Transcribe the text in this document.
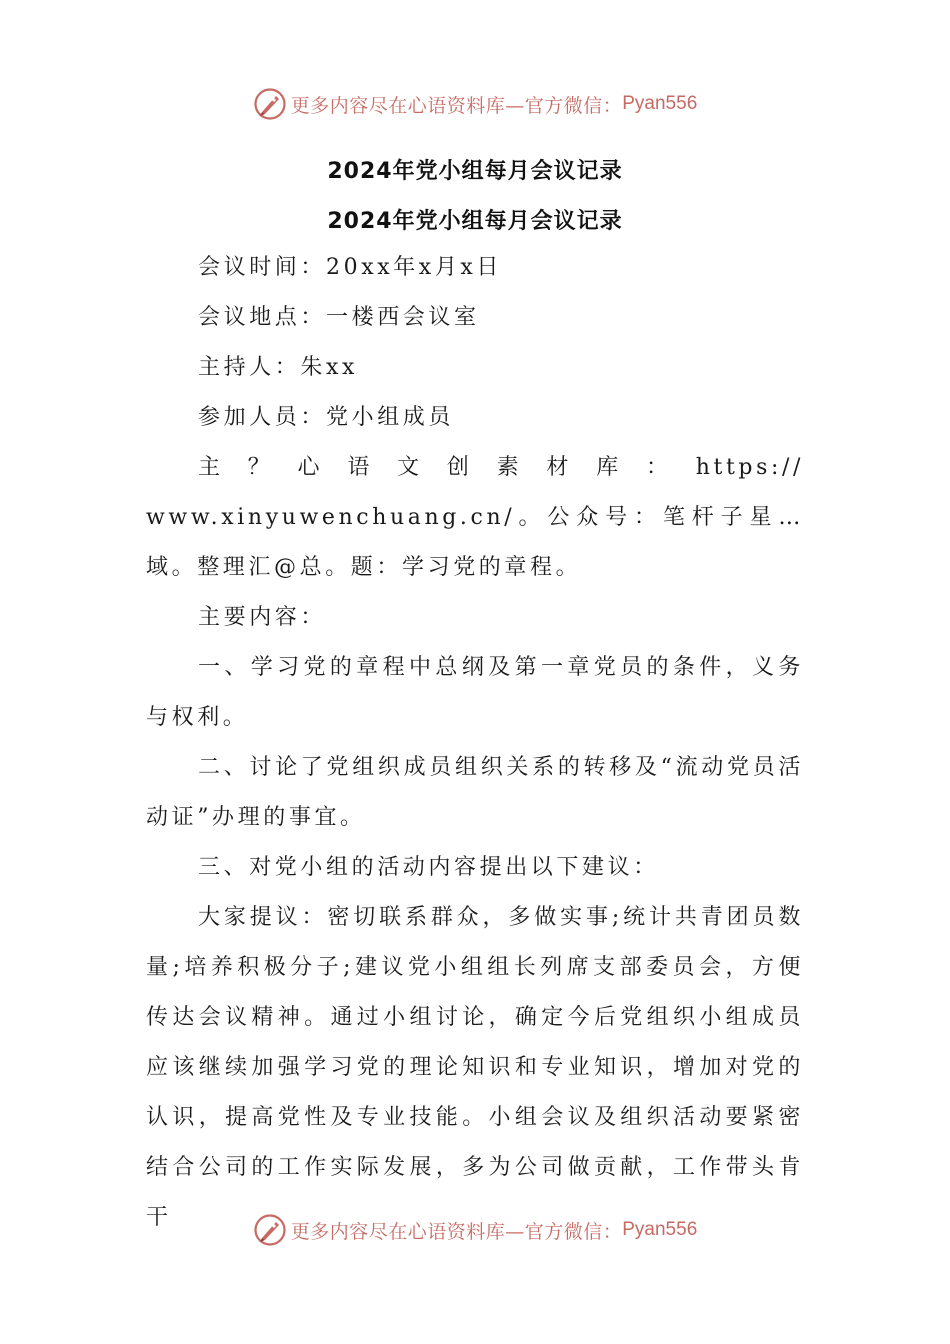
更多内容尽在心语资料库—官方微信： Pyan556
2024年党小组每月会议记录
2024年党小组每月会议记录

会议时间：20xx年x月x日

会议地点：一楼西会议室

主持人：朱xx

参加人员：党小组成员

主？心语文创素材库：https://

www.xinyuwenchuang.cn/。公众号：笔杆子星…域。整理汇@总。题：学习党的章程。

主要内容：

一、学习党的章程中总纲及第一章党员的条件，义务与权利。

二、讨论了党组织成员组织关系的转移及“流动党员活动证”办理的事宜。

三、对党小组的活动内容提出以下建议：

大家提议：密切联系群众，多做实事;统计共青团员数量;培养积极分子;建议党小组组长列席支部委员会，方便传达会议精神。通过小组讨论，确定今后党组织小组成员应该继续加强学习党的理论知识和专业知识，增加对党的认识，提高党性及专业技能。小组会议及组织活动要紧密结合公司的工作实际发展，多为公司做贡献，工作带头肯干

更多内容尽在心语资料库—官方微信： Pyan556
